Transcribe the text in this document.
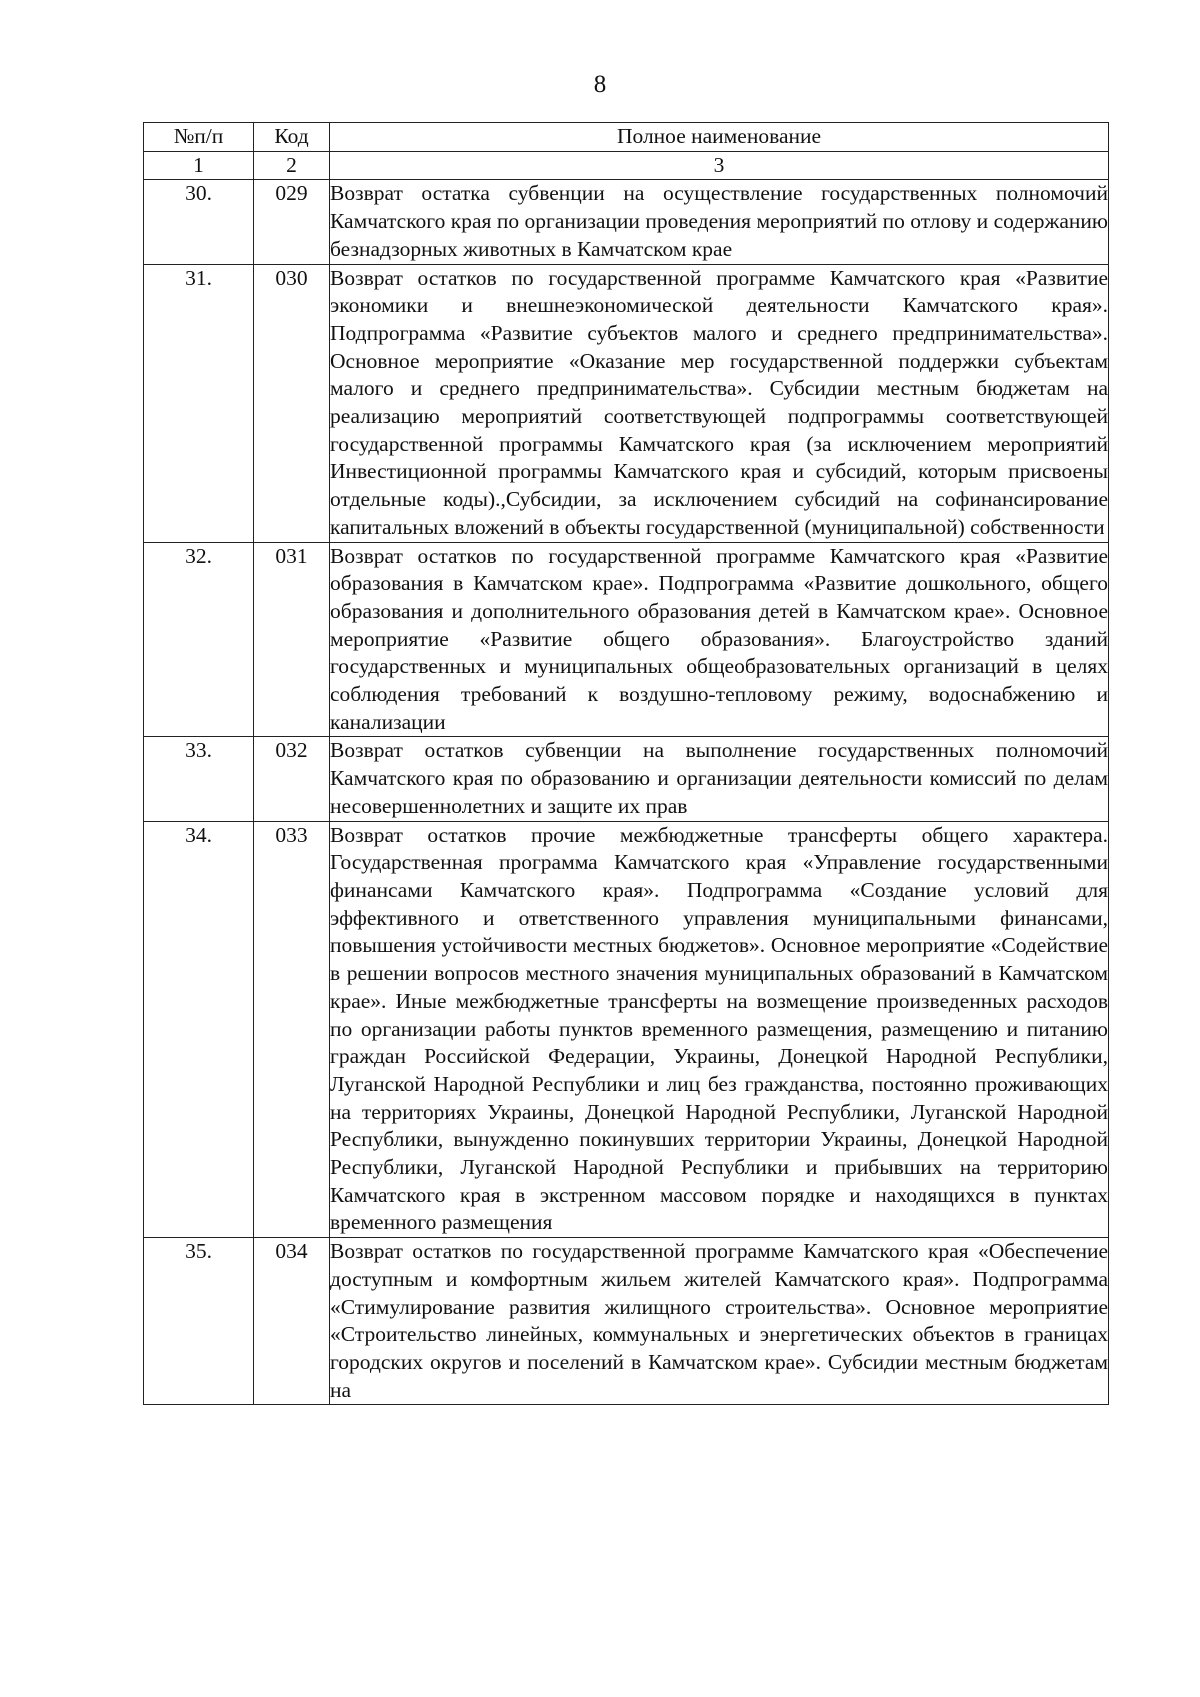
8
№п/п	Код	Полное наименование
1	2	3
30.	029	Возврат остатка субвенции на осуществление государственных полномочий Камчатского края по организации проведения мероприятий по отлову и содержанию безнадзорных животных в Камчатском крае
31.	030	Возврат остатков по государственной программе Камчатского края «Развитие экономики и внешнеэкономической деятельности Камчатского края». Подпрограмма «Развитие субъектов малого и среднего предпринимательства». Основное мероприятие «Оказание мер государственной поддержки субъектам малого и среднего предпринимательства». Субсидии местным бюджетам на реализацию мероприятий соответствующей подпрограммы соответствующей государственной программы Камчатского края (за исключением мероприятий Инвестиционной программы Камчатского края и субсидий, которым присвоены отдельные коды).,Субсидии, за исключением субсидий на софинансирование капитальных вложений в объекты государственной (муниципальной) собственности
32.	031	Возврат остатков по государственной программе Камчатского края «Развитие образования в Камчатском крае». Подпрограмма «Развитие дошкольного, общего образования и дополнительного образования детей в Камчатском крае». Основное мероприятие «Развитие общего образования». Благоустройство зданий государственных и муниципальных общеобразовательных организаций в целях соблюдения требований к воздушно-тепловому режиму, водоснабжению и канализации
33.	032	Возврат остатков субвенции на выполнение государственных полномочий Камчатского края по образованию и организации деятельности комиссий по делам несовершеннолетних и защите их прав
34.	033	Возврат остатков прочие межбюджетные трансферты общего характера. Государственная программа Камчатского края «Управление государственными финансами Камчатского края». Подпрограмма «Создание условий для эффективного и ответственного управления муниципальными финансами, повышения устойчивости местных бюджетов». Основное мероприятие «Содействие в решении вопросов местного значения муниципальных образований в Камчатском крае». Иные межбюджетные трансферты на возмещение произведенных расходов по организации работы пунктов временного размещения, размещению и питанию граждан Российской Федерации, Украины, Донецкой Народной Республики, Луганской Народной Республики и лиц без гражданства, постоянно проживающих на территориях Украины, Донецкой Народной Республики, Луганской Народной Республики, вынужденно покинувших территории Украины, Донецкой Народной Республики, Луганской Народной Республики и прибывших на территорию Камчатского края в экстренном массовом порядке и находящихся в пунктах временного размещения
35.	034	Возврат остатков по государственной программе Камчатского края «Обеспечение доступным и комфортным жильем жителей Камчатского края». Подпрограмма «Стимулирование развития жилищного строительства». Основное мероприятие «Строительство линейных, коммунальных и энергетических объектов в границах городских округов и поселений в Камчатском крае». Субсидии местным бюджетам на
